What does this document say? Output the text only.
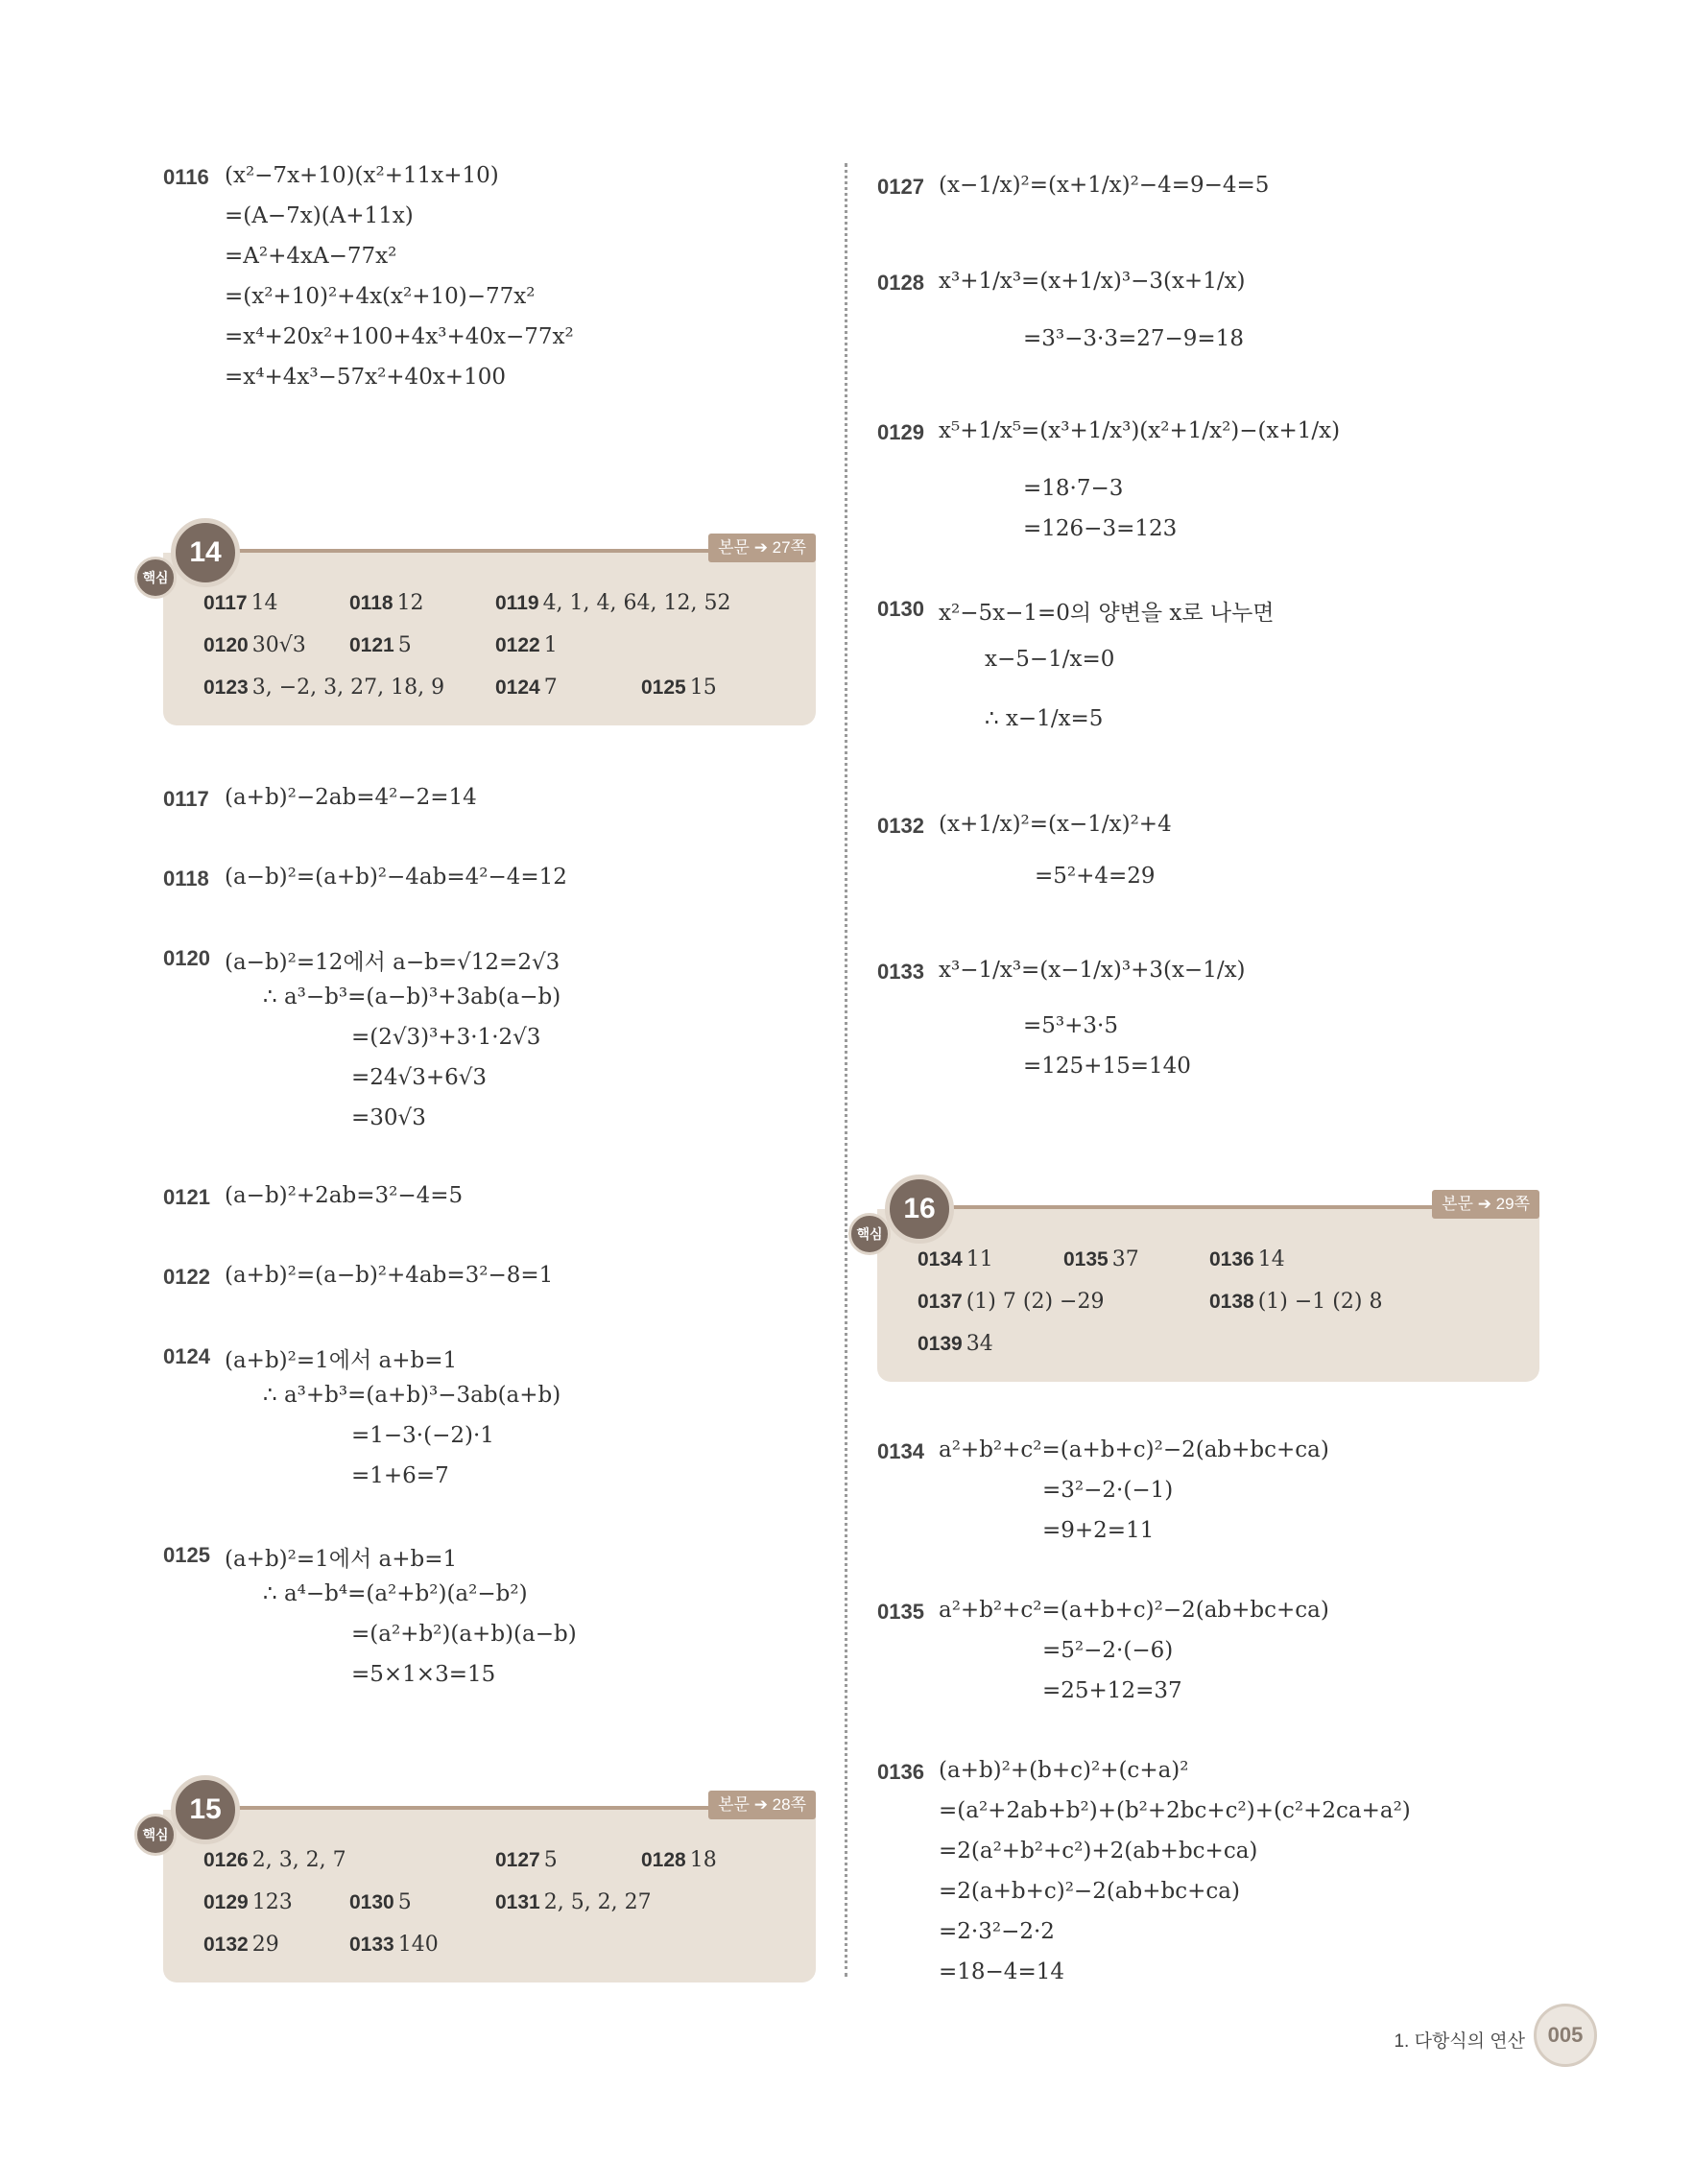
0116 (x²−7x+10)(x²+11x+10)
=(A−7x)(A+11x)
=A²+4xA−77x²
=(x²+10)²+4x(x²+10)−77x²
=x⁴+20x²+100+4x³+40x−77x²
=x⁴+4x³−57x²+40x+100
14
핵심
본문 ➔ 27쪽
0117 14	0118 12	0119 4, 1, 4, 64, 12, 52
0120 30√3 0121 5	0122 1
0123 3, −2, 3, 27, 18, 9	0124 7	0125 15
0117 (a+b)²−2ab=4²−2=14
0118 (a−b)²=(a+b)²−4ab=4²−4=12
0120 (a−b)²=12에서 a−b=√12=2√3
∴ a³−b³=(a−b)³+3ab(a−b)
=(2√3)³+3·1·2√3
=24√3+6√3
=30√3
0121 (a−b)²+2ab=3²−4=5
0122 (a+b)²=(a−b)²+4ab=3²−8=1
0124 (a+b)²=1에서 a+b=1
∴ a³+b³=(a+b)³−3ab(a+b)
=1−3·(−2)·1
=1+6=7
0125 (a+b)²=1에서 a+b=1
∴ a⁴−b⁴=(a²+b²)(a²−b²)
=(a²+b²)(a+b)(a−b)
=5×1×3=15
15
핵심
본문 ➔ 28쪽
0126 2, 3, 2, 7	0127 5	0128 18
0129 123	0130 5	0131 2, 5, 2, 27
0132 29	0133 140
0127 (x−1/x)²=(x+1/x)²−4=9−4=5
0128 x³+1/x³=(x+1/x)³−3(x+1/x)
=3³−3·3=27−9=18
0129 x⁵+1/x⁵=(x³+1/x³)(x²+1/x²)−(x+1/x)
=18·7−3
=126−3=123
0130 x²−5x−1=0의 양변을 x로 나누면
x−5−1/x=0
∴ x−1/x=5
0132 (x+1/x)²=(x−1/x)²+4
=5²+4=29
0133 x³−1/x³=(x−1/x)³+3(x−1/x)
=5³+3·5
=125+15=140
16
핵심
본문 ➔ 29쪽
0134 11	0135 37	0136 14
0137 (1) 7 (2) −29	0138 (1) −1 (2) 8
0139 34
0134 a²+b²+c²=(a+b+c)²−2(ab+bc+ca)
=3²−2·(−1)
=9+2=11
0135 a²+b²+c²=(a+b+c)²−2(ab+bc+ca)
=5²−2·(−6)
=25+12=37
0136 (a+b)²+(b+c)²+(c+a)²
=(a²+2ab+b²)+(b²+2bc+c²)+(c²+2ca+a²)
=2(a²+b²+c²)+2(ab+bc+ca)
=2(a+b+c)²−2(ab+bc+ca)
=2·3²−2·2
=18−4=14
1. 다항식의 연산	005
